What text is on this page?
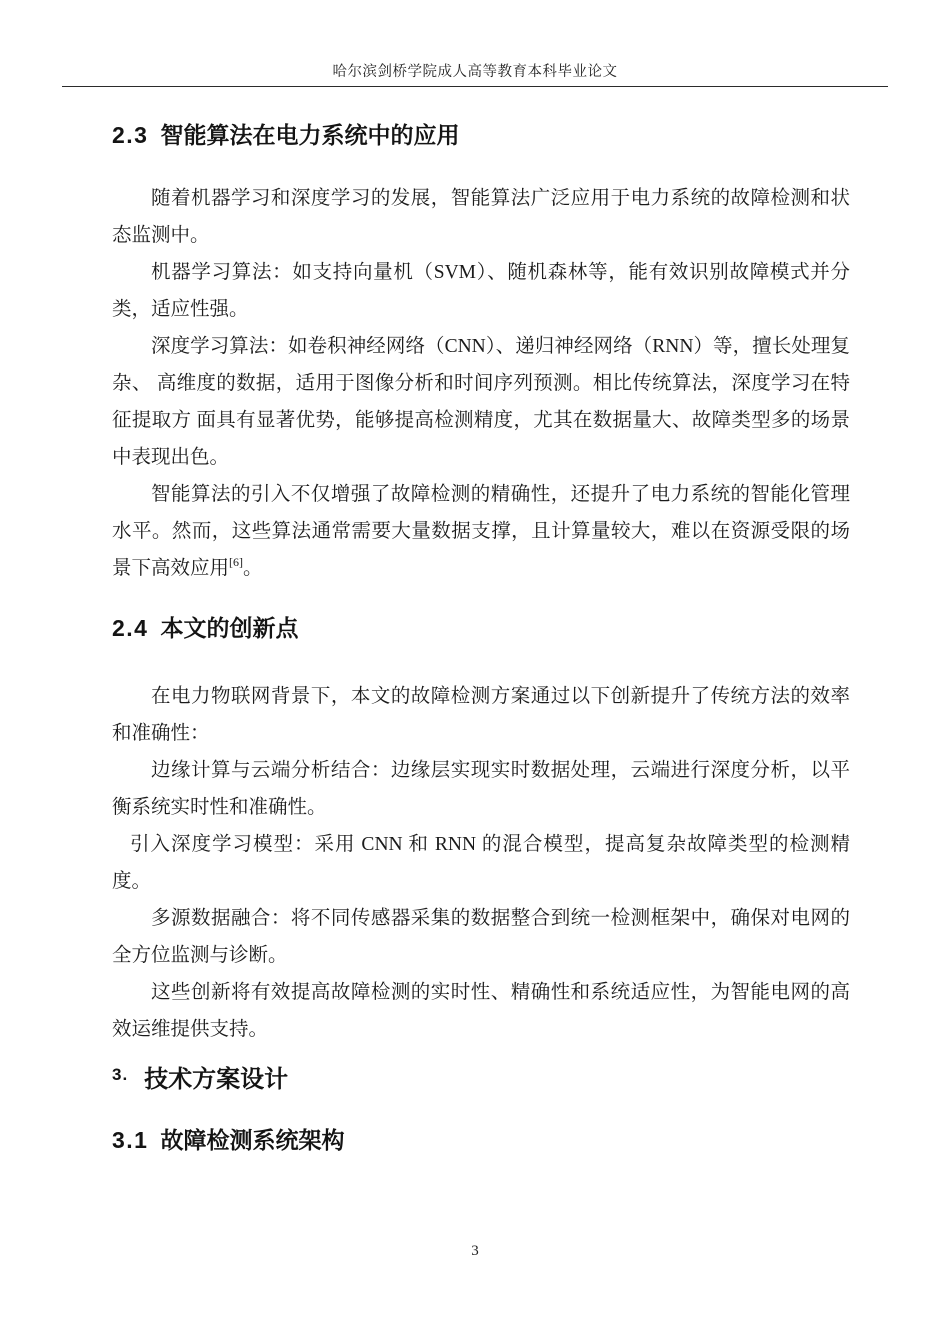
哈尔滨剑桥学院成人高等教育本科毕业论文
2.3 智能算法在电力系统中的应用

随着机器学习和深度学习的发展，智能算法广泛应用于电力系统的故障检测和状态监测中。

机器学习算法：如支持向量机（SVM）、随机森林等，能有效识别故障模式并分类，适应性强。

深度学习算法：如卷积神经网络（CNN）、递归神经网络（RNN）等，擅长处理复杂、 高维度的数据，适用于图像分析和时间序列预测。相比传统算法，深度学习在特征提取方 面具有显著优势，能够提高检测精度，尤其在数据量大、故障类型多的场景中表现出色。

智能算法的引入不仅增强了故障检测的精确性，还提升了电力系统的智能化管理水平。然而，这些算法通常需要大量数据支撑，且计算量较大，难以在资源受限的场景下高效应用[6]。

2.4 本文的创新点

在电力物联网背景下，本文的故障检测方案通过以下创新提升了传统方法的效率和准确性：

边缘计算与云端分析结合：边缘层实现实时数据处理，云端进行深度分析，以平衡系统实时性和准确性。

引入深度学习模型：采用 CNN 和 RNN 的混合模型，提高复杂故障类型的检测精度。

多源数据融合：将不同传感器采集的数据整合到统一检测框架中，确保对电网的全方位监测与诊断。

这些创新将有效提高故障检测的实时性、精确性和系统适应性，为智能电网的高效运维提供支持。

$^{3.}$ 技术方案设计
3.1 故障检测系统架构
3
